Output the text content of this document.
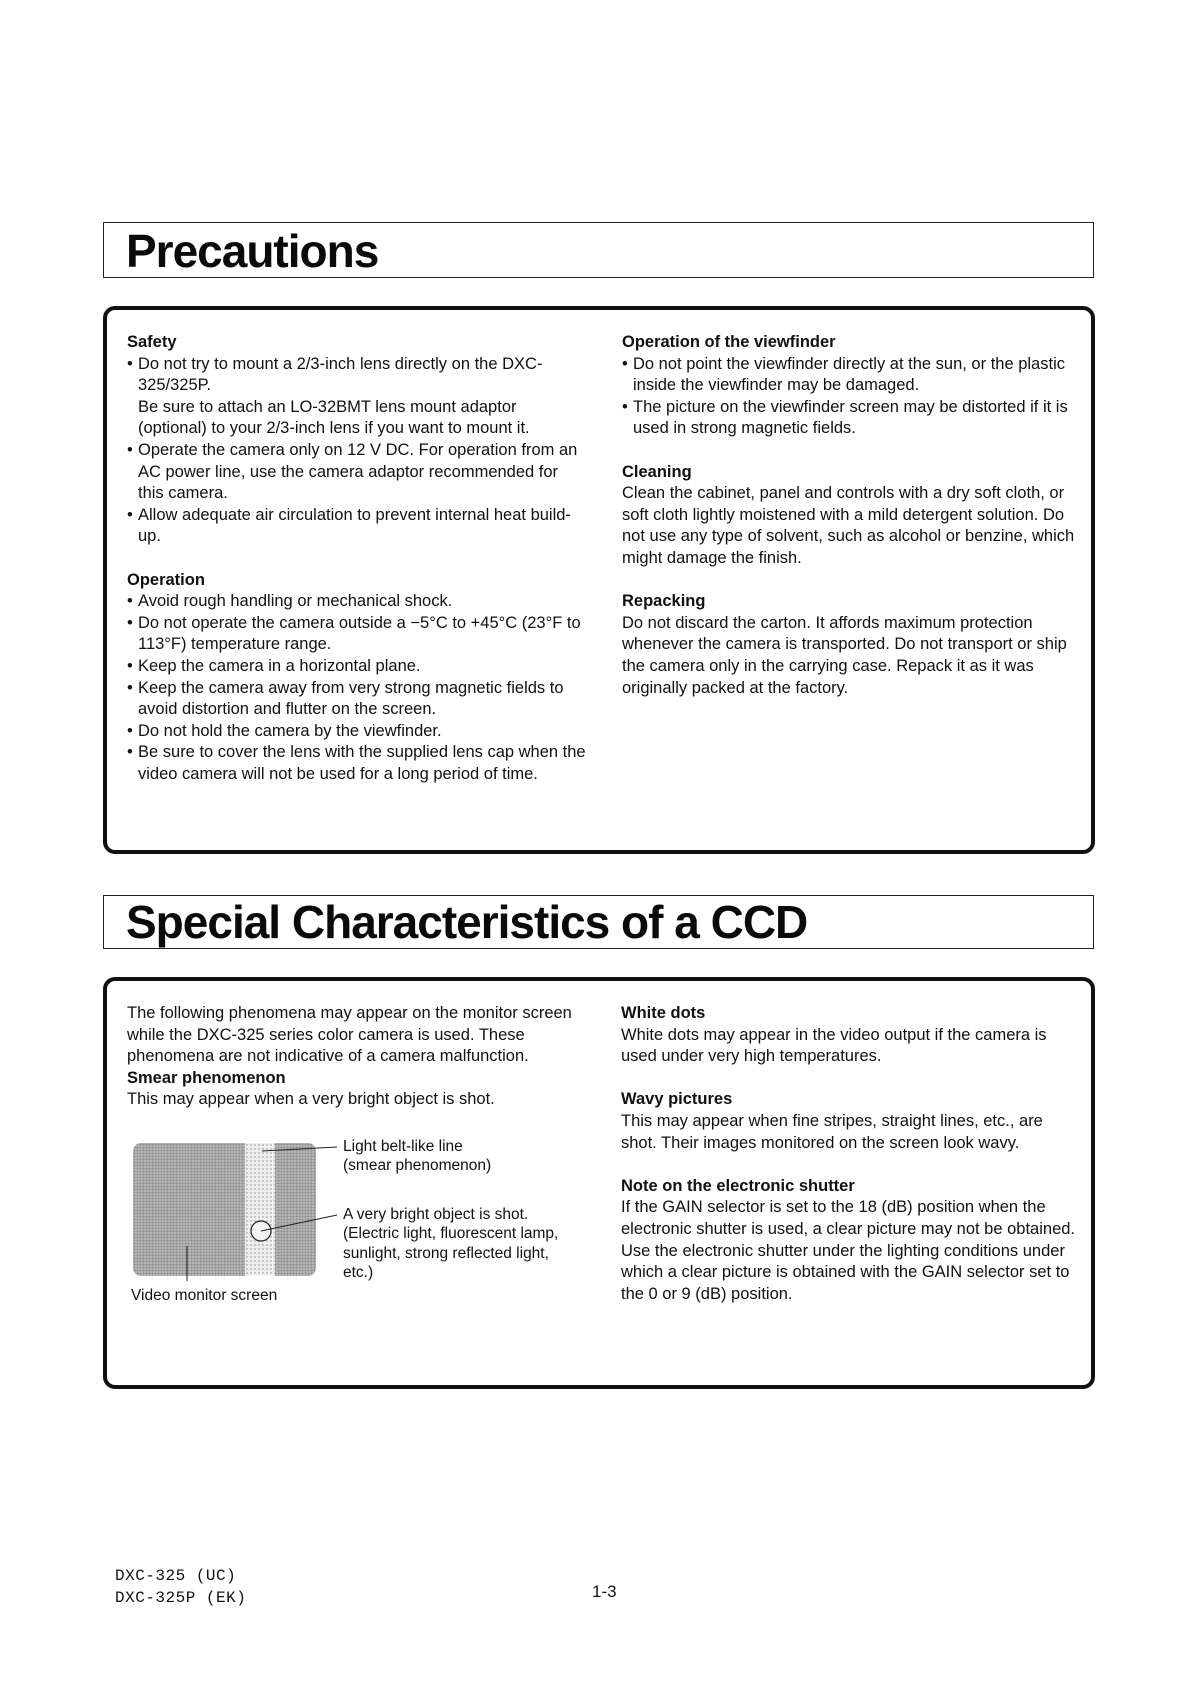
Precautions
Safety
• Do not try to mount a 2/3-inch lens directly on the DXC-325/325P.
Be sure to attach an LO-32BMT lens mount adaptor (optional) to your 2/3-inch lens if you want to mount it.
• Operate the camera only on 12 V DC. For operation from an AC power line, use the camera adaptor recommended for this camera.
• Allow adequate air circulation to prevent internal heat build-up.
Operation
• Avoid rough handling or mechanical shock.
• Do not operate the camera outside a −5°C to +45°C (23°F to 113°F) temperature range.
• Keep the camera in a horizontal plane.
• Keep the camera away from very strong magnetic fields to avoid distortion and flutter on the screen.
• Do not hold the camera by the viewfinder.
• Be sure to cover the lens with the supplied lens cap when the video camera will not be used for a long period of time.
Operation of the viewfinder
• Do not point the viewfinder directly at the sun, or the plastic inside the viewfinder may be damaged.
• The picture on the viewfinder screen may be distorted if it is used in strong magnetic fields.
Cleaning

Clean the cabinet, panel and controls with a dry soft cloth, or soft cloth lightly moistened with a mild detergent solution. Do not use any type of solvent, such as alcohol or benzine, which might damage the finish.

Repacking

Do not discard the carton. It affords maximum protection whenever the camera is transported. Do not transport or ship the camera only in the carrying case. Repack it as it was originally packed at the factory.

Special Characteristics of a CCD

The following phenomena may appear on the monitor screen while the DXC-325 series color camera is used. These phenomena are not indicative of a camera malfunction.

Smear phenomenon

This may appear when a very bright object is shot.

Light belt-like line (smear phenomenon)
A very bright object is shot. (Electric light, fluorescent lamp, sunlight, strong reflected light, etc.)
Video monitor screen
White dots

White dots may appear in the video output if the camera is used under very high temperatures.

Wavy pictures

This may appear when fine stripes, straight lines, etc., are shot. Their images monitored on the screen look wavy.

Note on the electronic shutter

If the GAIN selector is set to the 18 (dB) position when the electronic shutter is used, a clear picture may not be obtained. Use the electronic shutter under the lighting conditions under which a clear picture is obtained with the GAIN selector set to the 0 or 9 (dB) position.

DXC-325 (UC)
DXC-325P (EK)	1-3
